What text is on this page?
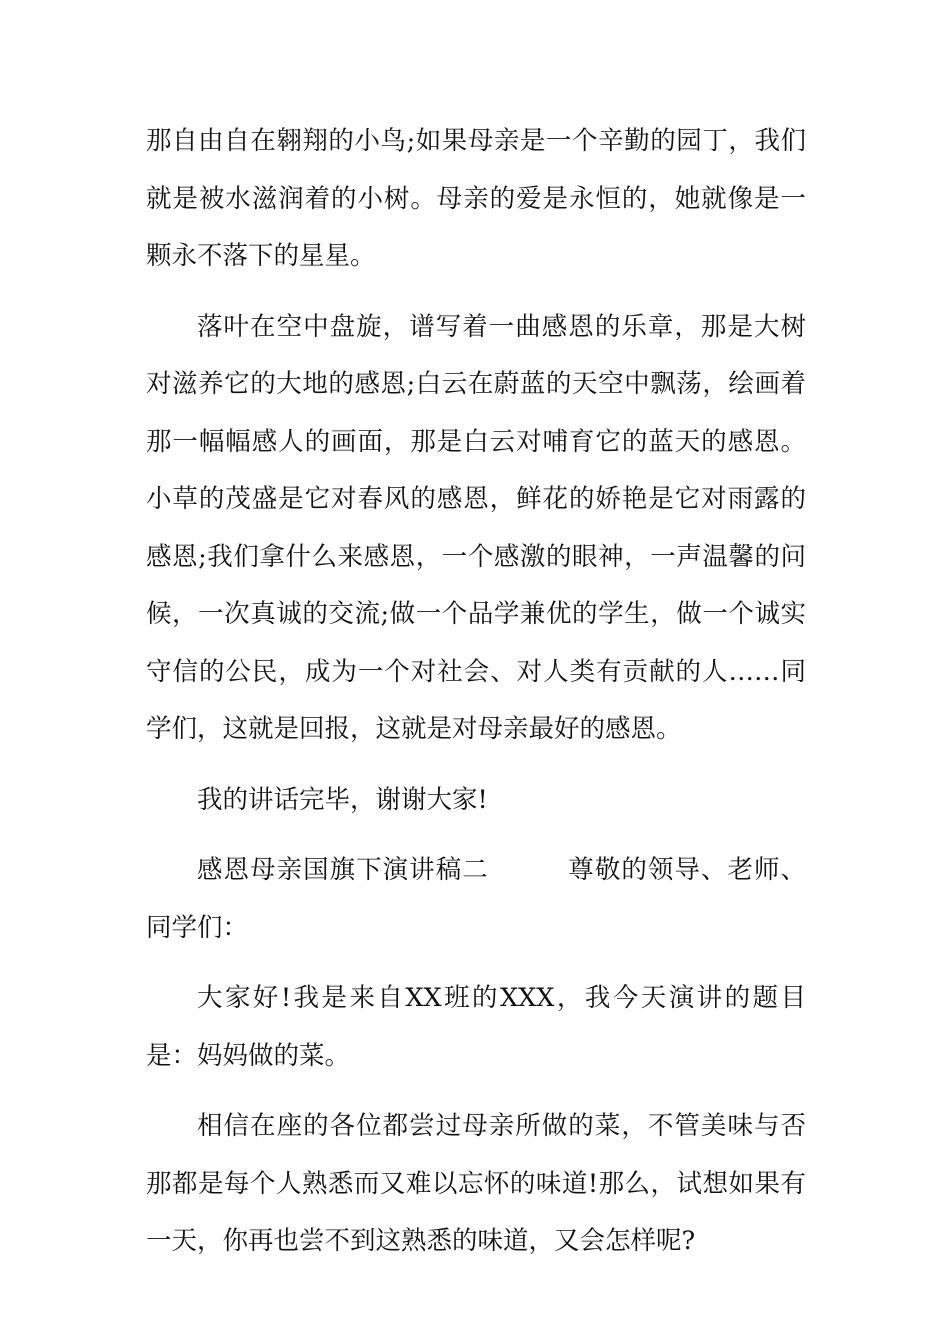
那自由自在翱翔的小鸟;如果母亲是一个辛勤的园丁，我们就是被水滋润着的小树。母亲的爱是永恒的，她就像是一颗永不落下的星星。

落叶在空中盘旋，谱写着一曲感恩的乐章，那是大树对滋养它的大地的感恩;白云在蔚蓝的天空中飘荡，绘画着那一幅幅感人的画面，那是白云对哺育它的蓝天的感恩。小草的茂盛是它对春风的感恩，鲜花的娇艳是它对雨露的感恩;我们拿什么来感恩，一个感激的眼神，一声温馨的问候，一次真诚的交流;做一个品学兼优的学生，做一个诚实守信的公民，成为一个对社会、对人类有贡献的人……同学们，这就是回报，这就是对母亲最好的感恩。

我的讲话完毕，谢谢大家!

感恩母亲国旗下演讲稿二　　　尊敬的领导、老师、同学们：

大家好!我是来自XX班的XXX，我今天演讲的题目是：妈妈做的菜。

相信在座的各位都尝过母亲所做的菜，不管美味与否那都是每个人熟悉而又难以忘怀的味道!那么，试想如果有一天，你再也尝不到这熟悉的味道，又会怎样呢?
